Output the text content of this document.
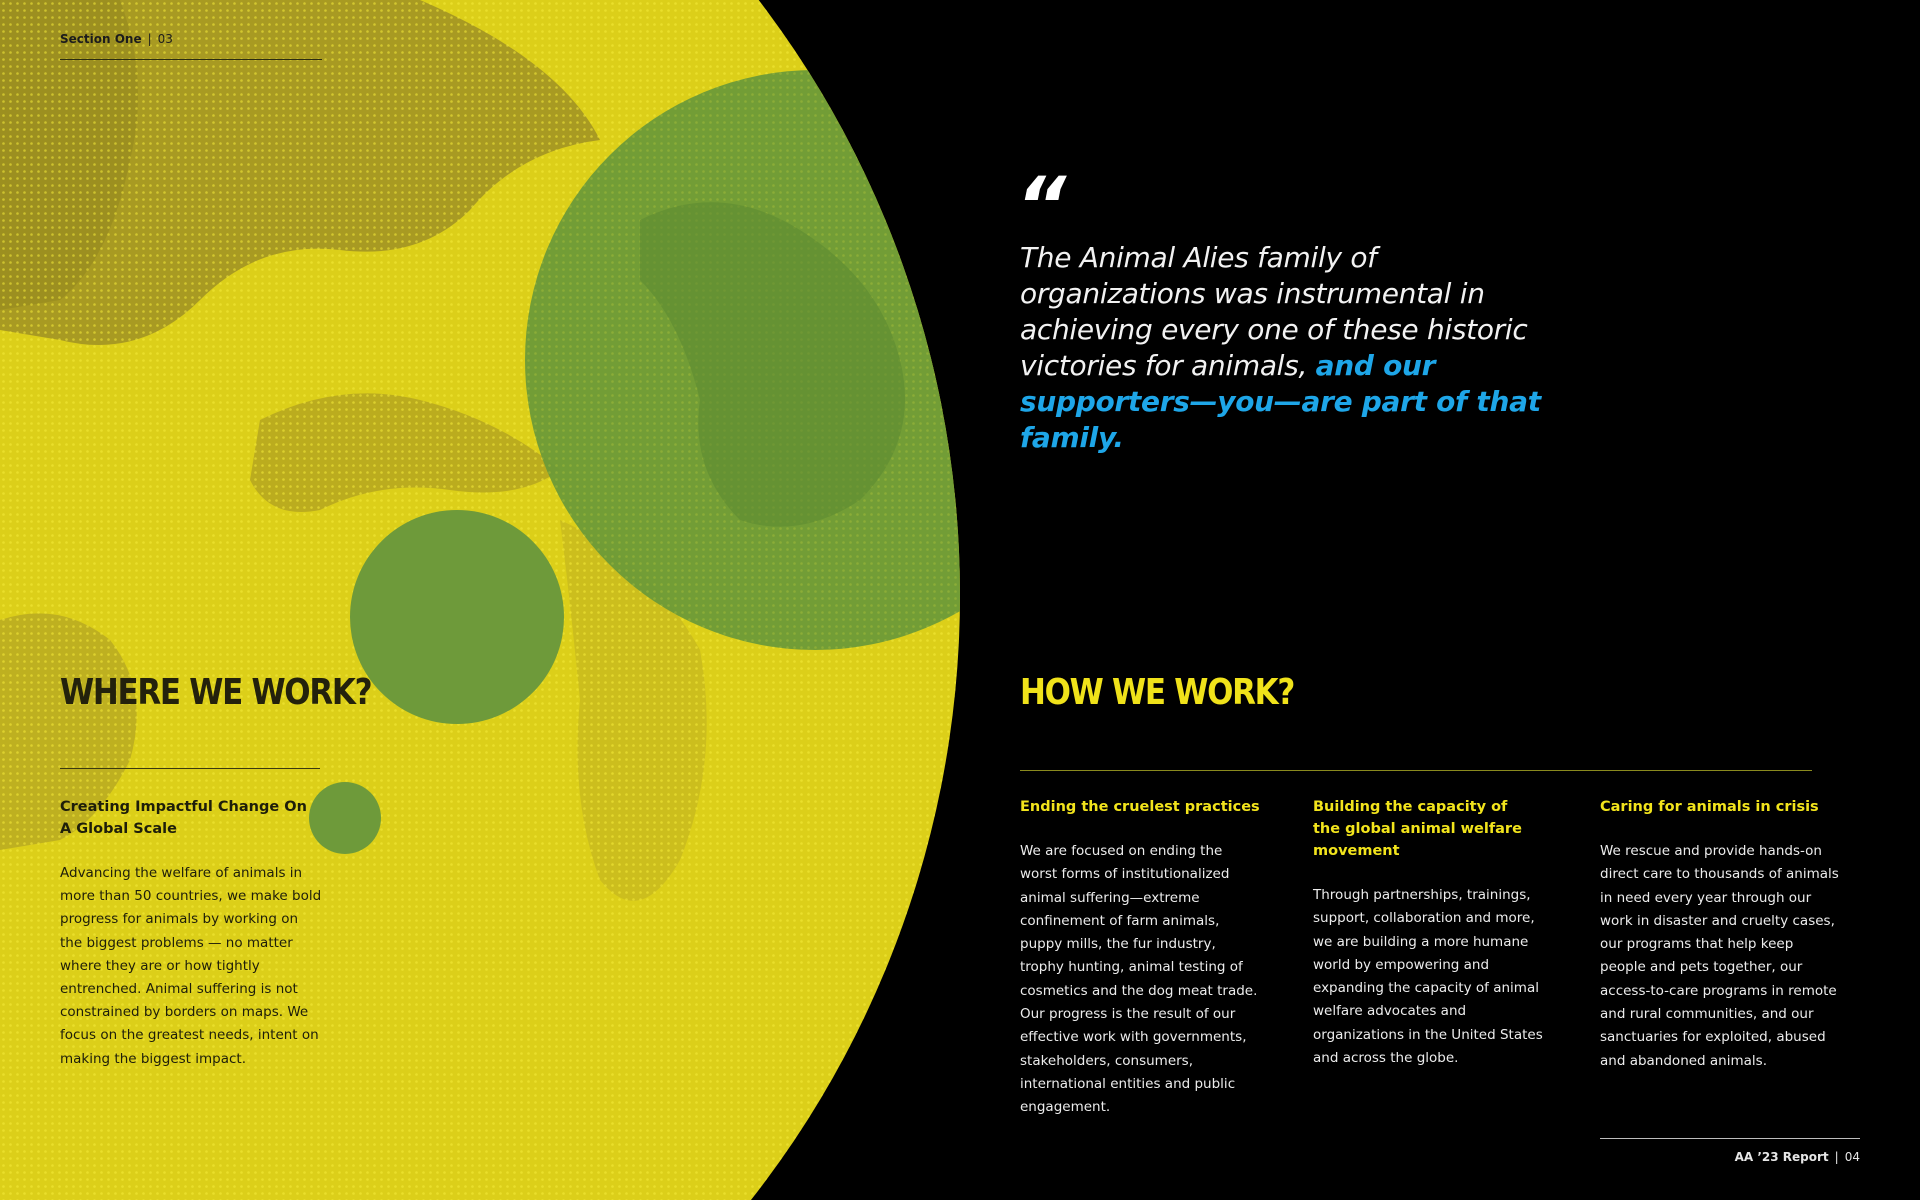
Section One | 03
“
The Animal Alies family of organizations was instrumental in achieving every one of these historic victories for animals, and our supporters—you—are part of that family.
WHERE WE WORK?
Creating Impactful Change On A Global Scale
Advancing the welfare of animals in more than 50 countries, we make bold progress for animals by working on the biggest problems — no matter where they are or how tightly entrenched. Animal suffering is not constrained by borders on maps. We focus on the greatest needs, intent on making the biggest impact.
HOW WE WORK?
Ending the cruelest practices
We are focused on ending the worst forms of institutionalized animal suffering—extreme confinement of farm animals, puppy mills, the fur industry, trophy hunting, animal testing of cosmetics and the dog meat trade. Our progress is the result of our effective work with governments, stakeholders, consumers, international entities and public engagement.
Building the capacity of the global animal welfare movement
Through partnerships, trainings, support, collaboration and more, we are building a more humane world by empowering and expanding the capacity of animal welfare advocates and organizations in the United States and across the globe.
Caring for animals in crisis
We rescue and provide hands-on direct care to thousands of animals in need every year through our work in disaster and cruelty cases, our programs that help keep people and pets together, our access-to-care programs in remote and rural communities, and our sanctuaries for exploited, abused and abandoned animals.
AA ’23 Report | 04
